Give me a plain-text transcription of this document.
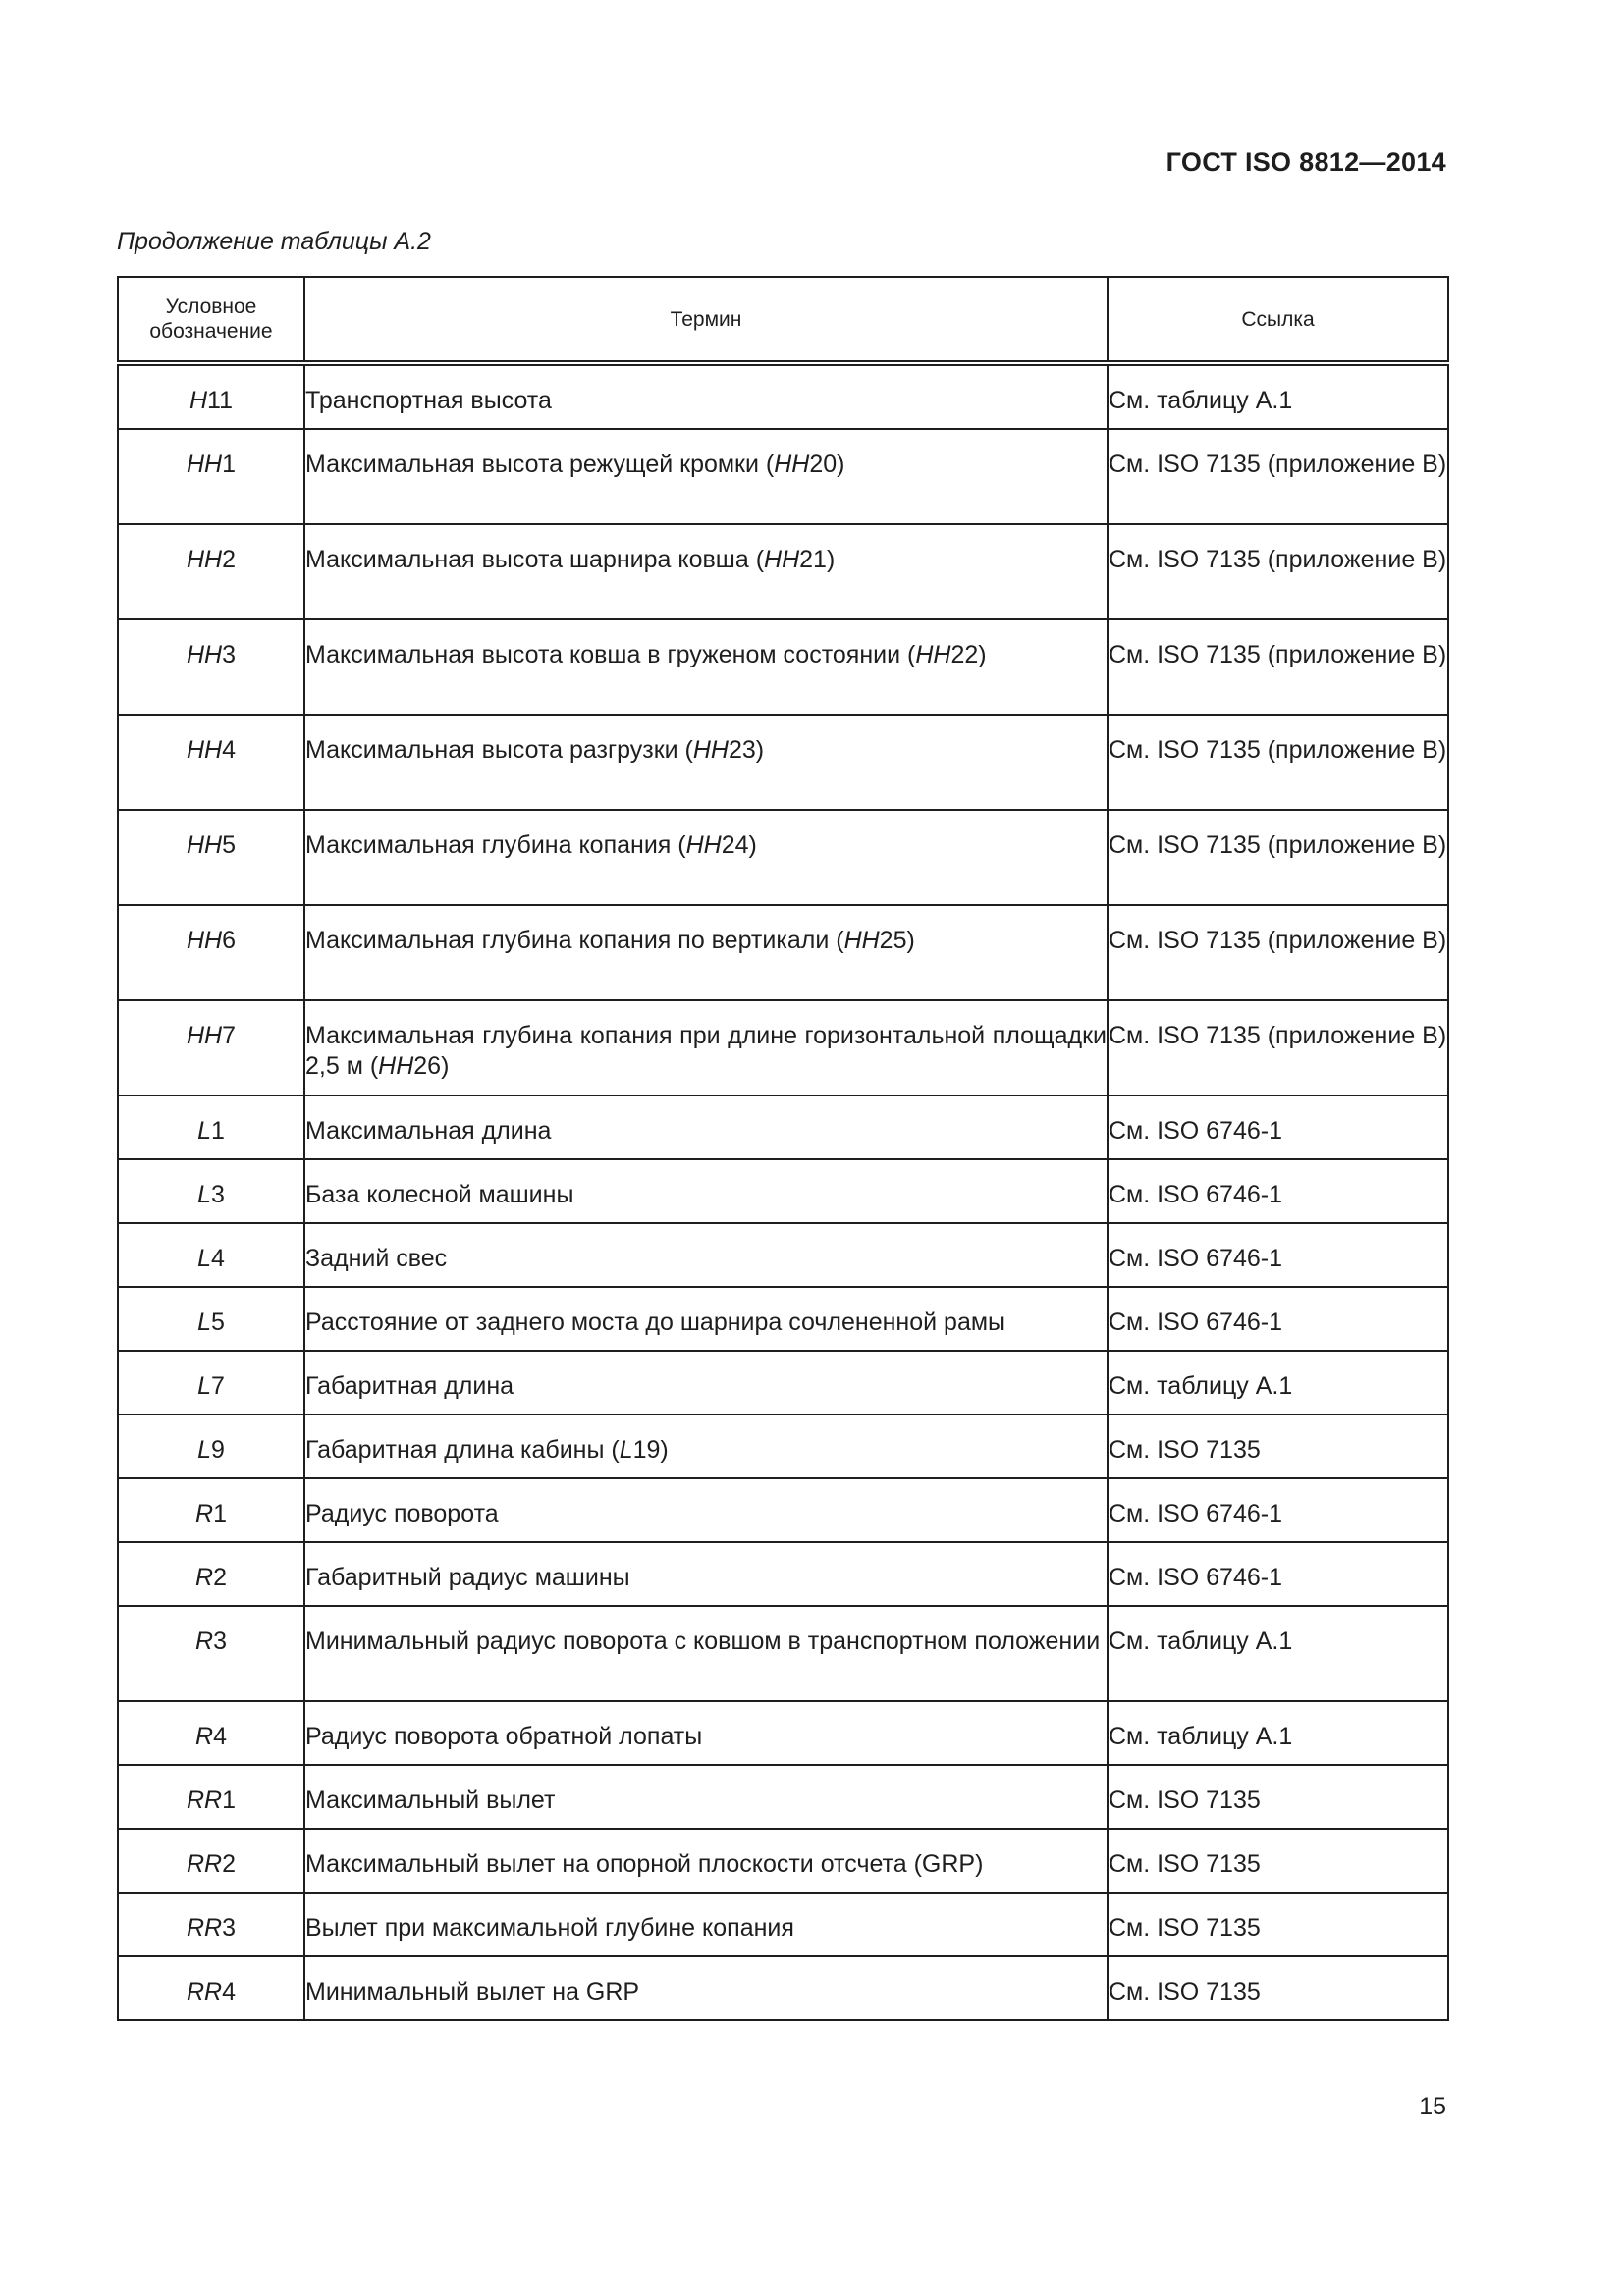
ГОСТ ISO 8812—2014
Продолжение таблицы А.2
Условное обозначение	Термин	Ссылка
H11	Транспортная высота	См. таблицу А.1
HH1	Максимальная высота режущей кромки (HH20)	См. ISO 7135 (приложение В)
HH2	Максимальная высота шарнира ковша (HH21)	См. ISO 7135 (приложение В)
HH3	Максимальная высота ковша в груженом состоянии (HH22)	См. ISO 7135 (приложение В)
HH4	Максимальная высота разгрузки (HH23)	См. ISO 7135 (приложение В)
HH5	Максимальная глубина копания (HH24)	См. ISO 7135 (приложение В)
HH6	Максимальная глубина копания по вертикали (HH25)	См. ISO 7135 (приложение В)
HH7	Максимальная глубина копания при длине горизонтальной площадки 2,5 м (HH26)	См. ISO 7135 (приложение В)
L1	Максимальная длина	См. ISO 6746-1
L3	База колесной машины	См. ISO 6746-1
L4	Задний свес	См. ISO 6746-1
L5	Расстояние от заднего моста до шарнира сочлененной рамы	См. ISO 6746-1
L7	Габаритная длина	См. таблицу А.1
L9	Габаритная длина кабины (L19)	См. ISO 7135
R1	Радиус поворота	См. ISO 6746-1
R2	Габаритный радиус машины	См. ISO 6746-1
R3	Минимальный радиус поворота с ковшом в транспортном положении	См. таблицу А.1
R4	Радиус поворота обратной лопаты	См. таблицу А.1
RR1	Максимальный вылет	См. ISO 7135
RR2	Максимальный вылет на опорной плоскости отсчета (GRP)	См. ISO 7135
RR3	Вылет при максимальной глубине копания	См. ISO 7135
RR4	Минимальный вылет на GRP	См. ISO 7135
15
